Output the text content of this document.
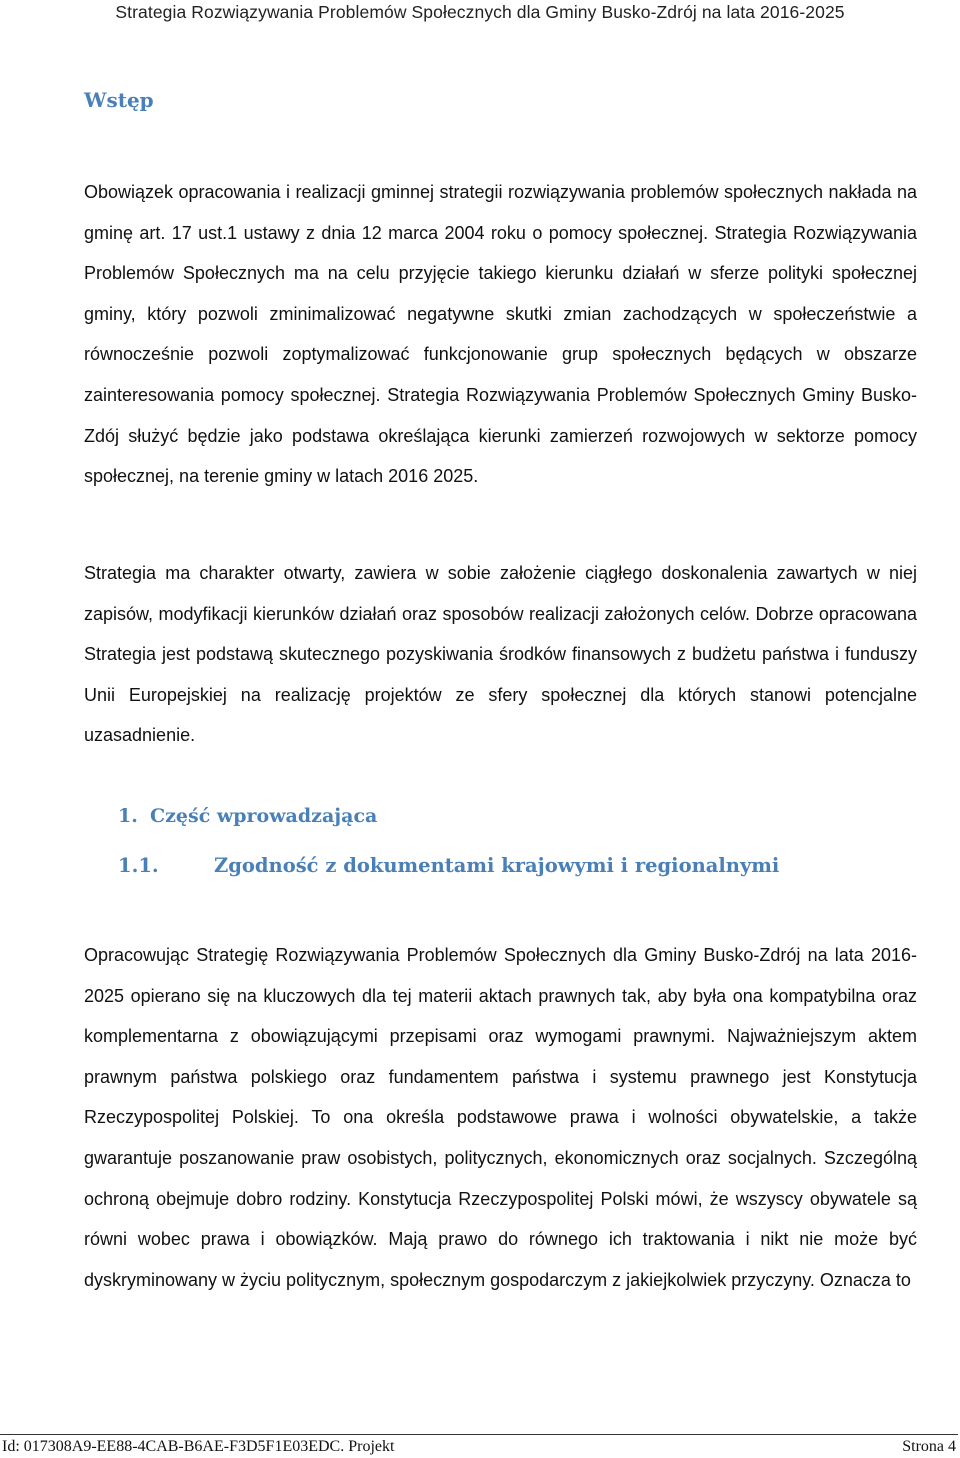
Strategia Rozwiązywania Problemów Społecznych dla Gminy Busko-Zdrój na lata 2016-2025
Wstęp

Obowiązek opracowania i realizacji gminnej strategii rozwiązywania problemów społecznych nakłada na gminę art. 17 ust.1 ustawy z dnia 12 marca 2004 roku o pomocy społecznej. Strategia Rozwiązywania Problemów Społecznych ma na celu przyjęcie takiego kierunku działań w sferze polityki społecznej gminy, który pozwoli zminimalizować negatywne skutki zmian zachodzących w społeczeństwie a równocześnie pozwoli zoptymalizować funkcjonowanie grup społecznych będących w obszarze zainteresowania pomocy społecznej. Strategia Rozwiązywania Problemów Społecznych Gminy Busko-Zdój służyć będzie jako podstawa określająca kierunki zamierzeń rozwojowych w sektorze pomocy społecznej, na terenie gminy w latach 2016 2025.

Strategia ma charakter otwarty, zawiera w sobie założenie ciągłego doskonalenia zawartych w niej zapisów, modyfikacji kierunków działań oraz sposobów realizacji założonych celów. Dobrze opracowana Strategia jest podstawą skutecznego pozyskiwania środków finansowych z budżetu państwa i funduszy Unii Europejskiej na realizację projektów ze sfery społecznej dla których stanowi potencjalne uzasadnienie.

1. Część wprowadzająca
1.1.	Zgodność z dokumentami krajowymi i regionalnymi

Opracowując Strategię Rozwiązywania Problemów Społecznych dla Gminy Busko-Zdrój na lata 2016-2025 opierano się na kluczowych dla tej materii aktach prawnych tak, aby była ona kompatybilna oraz komplementarna z obowiązującymi przepisami oraz wymogami prawnymi. Najważniejszym aktem prawnym państwa polskiego oraz fundamentem państwa i systemu prawnego jest Konstytucja Rzeczypospolitej Polskiej. To ona określa podstawowe prawa i wolności obywatelskie, a także gwarantuje poszanowanie praw osobistych, politycznych, ekonomicznych oraz socjalnych. Szczególną ochroną obejmuje dobro rodziny. Konstytucja Rzeczypospolitej Polski mówi, że wszyscy obywatele są równi wobec prawa i obowiązków. Mają prawo do równego ich traktowania i nikt nie może być dyskryminowany w życiu politycznym, społecznym gospodarczym z jakiejkolwiek przyczyny. Oznacza to

Id: 017308A9-EE88-4CAB-B6AE-F3D5F1E03EDC. Projekt	Strona 4
